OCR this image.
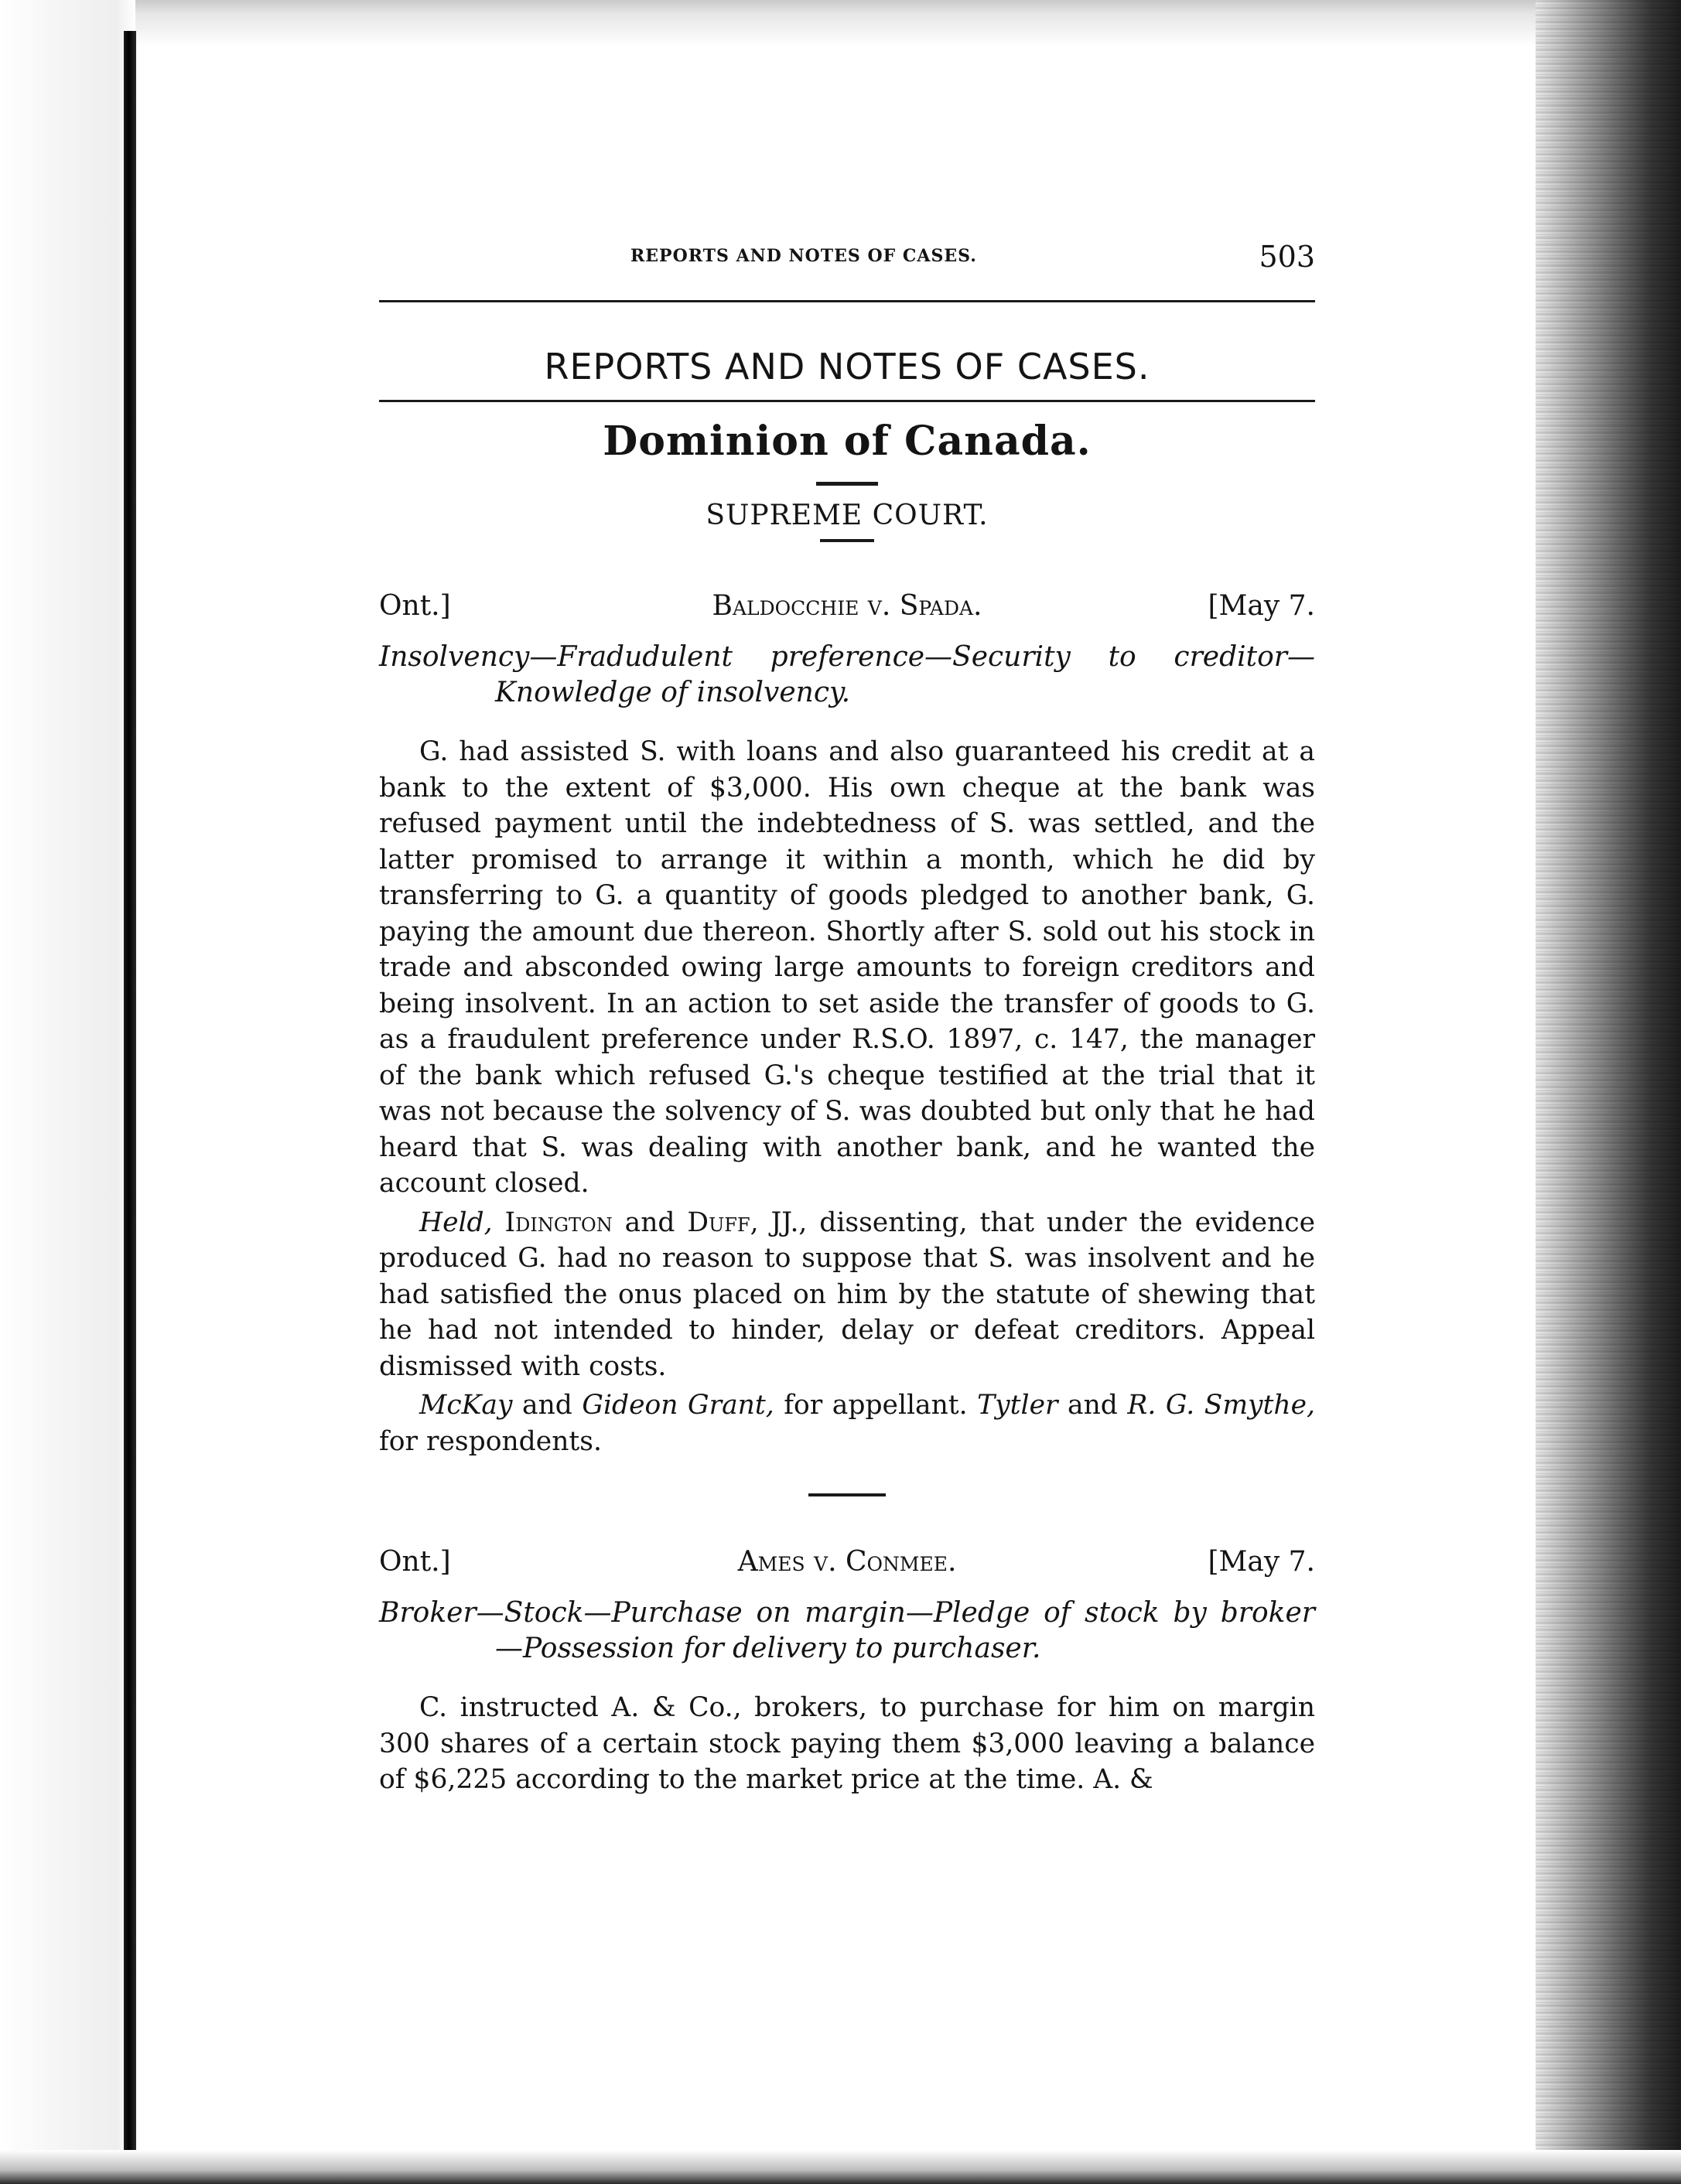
REPORTS AND NOTES OF CASES.	503
REPORTS AND NOTES OF CASES.
Dominion of Canada.
SUPREME COURT.
Ont.]	Baldocchie v. Spada.	[May 7.

Insolvency—Fradudulent preference—Security to creditor—

Knowledge of insolvency.

G. had assisted S. with loans and also guaranteed his credit at a bank to the extent of $3,000. His own cheque at the bank was refused payment until the indebtedness of S. was settled, and the latter promised to arrange it within a month, which he did by transferring to G. a quantity of goods pledged to another bank, G. paying the amount due thereon. Shortly after S. sold out his stock in trade and absconded owing large amounts to foreign creditors and being insolvent. In an action to set aside the transfer of goods to G. as a fraudulent preference under R.S.O. 1897, c. 147, the manager of the bank which refused G.'s cheque testified at the trial that it was not because the solvency of S. was doubted but only that he had heard that S. was dealing with another bank, and he wanted the account closed.

Held, Idington and Duff, JJ., dissenting, that under the evidence produced G. had no reason to suppose that S. was insolvent and he had satisfied the onus placed on him by the statute of shewing that he had not intended to hinder, delay or defeat creditors. Appeal dismissed with costs.

McKay and Gideon Grant, for appellant. Tytler and R. G. Smythe, for respondents.

Ont.]	Ames v. Conmee.	[May 7.

Broker—Stock—Purchase on margin—Pledge of stock by broker

—Possession for delivery to purchaser.

C. instructed A. & Co., brokers, to purchase for him on margin 300 shares of a certain stock paying them $3,000 leaving a balance of $6,225 according to the market price at the time. A. &
